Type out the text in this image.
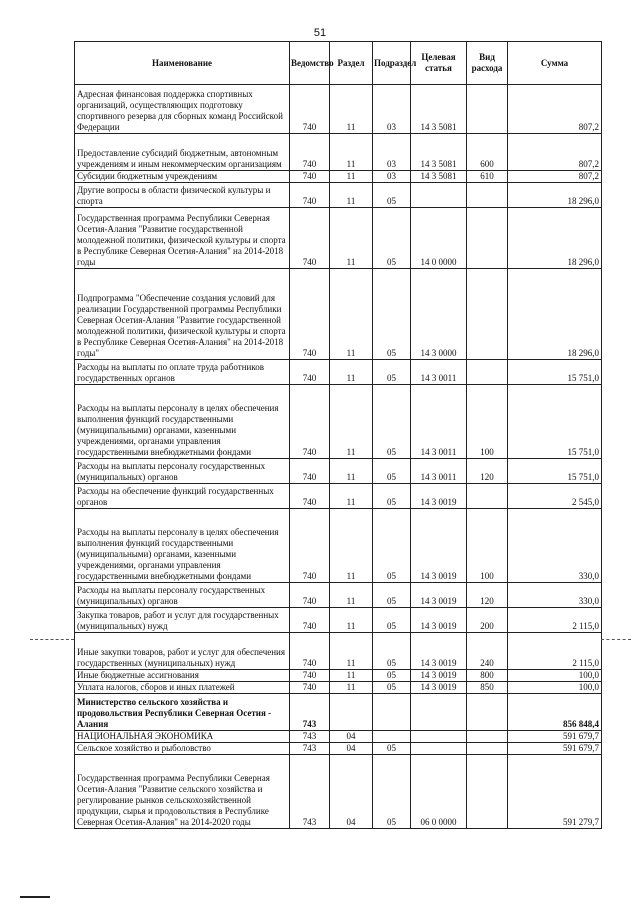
51
Наименование	Ведомство	Раздел	Подраздел	Целевая статья	Вид расхода	Сумма
Адресная финансовая поддержка спортивных организаций, осуществляющих подготовку спортивного резерва для сборных команд Российской Федерации	740	11	03	14 3 5081		807,2
Предоставление субсидий бюджетным, автономным учреждениям и иным некоммерческим организациям	740	11	03	14 3 5081	600	807,2
Субсидии бюджетным учреждениям	740	11	03	14 3 5081	610	807,2
Другие вопросы в области физической культуры и спорта	740	11	05			18 296,0
Государственная программа Республики Северная Осетия-Алания "Развитие государственной молодежной политики, физической культуры и спорта в Республике Северная Осетия-Алания" на 2014-2018 годы	740	11	05	14 0 0000		18 296,0
Подпрограмма "Обеспечение создания условий для реализации Государственной программы Республики Северная Осетия-Алания "Развитие государственной молодежной политики, физической культуры и спорта в Республике Северная Осетия-Алания" на 2014-2018 годы"	740	11	05	14 3 0000		18 296,0
Расходы на выплаты по оплате труда работников государственных органов	740	11	05	14 3 0011		15 751,0
Расходы на выплаты персоналу в целях обеспечения выполнения функций государственными (муниципальными) органами, казенными учреждениями, органами управления государственными внебюджетными фондами	740	11	05	14 3 0011	100	15 751,0
Расходы на выплаты персоналу государственных (муниципальных) органов	740	11	05	14 3 0011	120	15 751,0
Расходы на обеспечение функций государственных органов	740	11	05	14 3 0019		2 545,0
Расходы на выплаты персоналу в целях обеспечения выполнения функций государственными (муниципальными) органами, казенными учреждениями, органами управления государственными внебюджетными фондами	740	11	05	14 3 0019	100	330,0
Расходы на выплаты персоналу государственных (муниципальных) органов	740	11	05	14 3 0019	120	330,0
Закупка товаров, работ и услуг для государственных (муниципальных) нужд	740	11	05	14 3 0019	200	2 115,0
Иные закупки товаров, работ и услуг для обеспечения государственных (муниципальных) нужд	740	11	05	14 3 0019	240	2 115,0
Иные бюджетные ассигнования	740	11	05	14 3 0019	800	100,0
Уплата налогов, сборов и иных платежей	740	11	05	14 3 0019	850	100,0
Министерство сельского хозяйства и продовольствия Республики Северная Осетия - Алания	743					856 848,4
НАЦИОНАЛЬНАЯ ЭКОНОМИКА	743	04				591 679,7
Сельское хозяйство и рыболовство	743	04	05			591 679,7
Государственная программа Республики Северная Осетия-Алания "Развитие сельского хозяйства и регулирование рынков сельскохозяйственной продукции, сырья и продовольствия в Республике Северная Осетия-Алания" на 2014-2020 годы	743	04	05	06 0 0000		591 279,7
